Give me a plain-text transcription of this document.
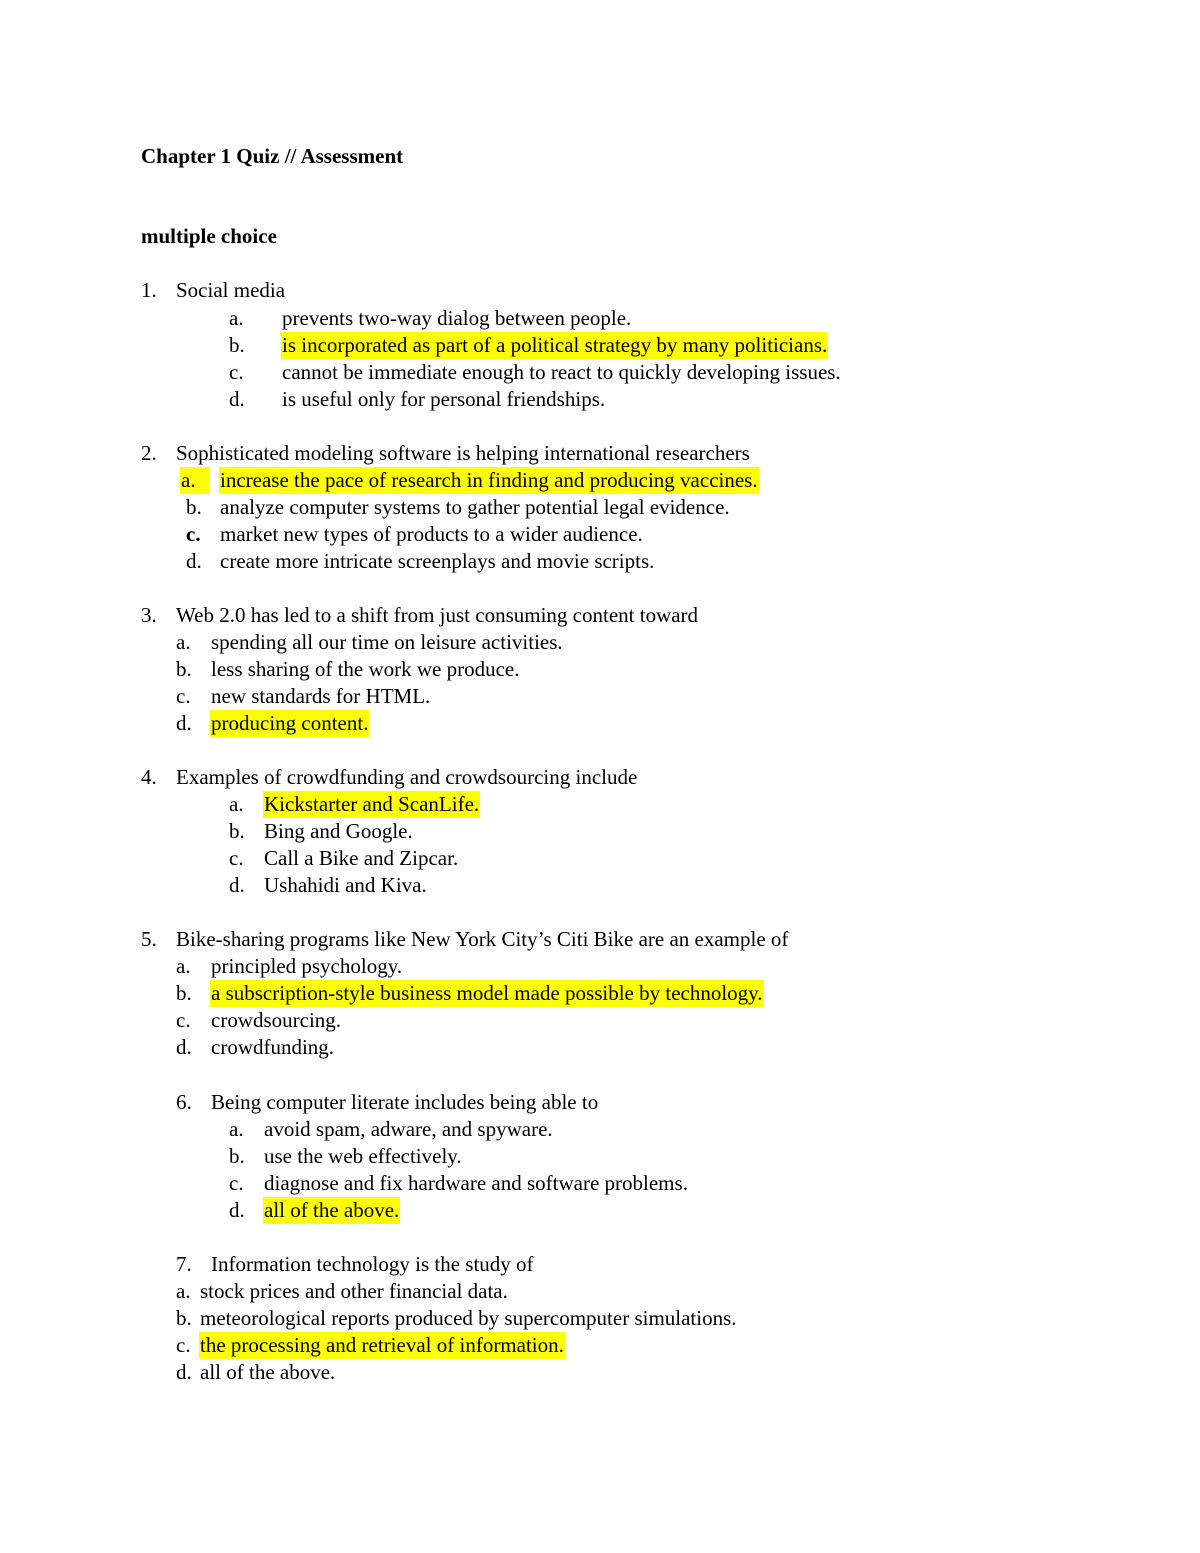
Chapter 1 Quiz // Assessment
multiple choice
1. Social media
a. prevents two-way dialog between people.
b. is incorporated as part of a political strategy by many politicians.
c. cannot be immediate enough to react to quickly developing issues.
d. is useful only for personal friendships.
2. Sophisticated modeling software is helping international researchers
a.	increase the pace of research in finding and producing vaccines.
b. analyze computer systems to gather potential legal evidence.
c. market new types of products to a wider audience.
d. create more intricate screenplays and movie scripts.
3. Web 2.0 has led to a shift from just consuming content toward
a. spending all our time on leisure activities.
b. less sharing of the work we produce.
c. new standards for HTML.
d. producing content.
4. Examples of crowdfunding and crowdsourcing include
a. Kickstarter and ScanLife.
b. Bing and Google.
c. Call a Bike and Zipcar.
d. Ushahidi and Kiva.
5. Bike-sharing programs like New York City’s Citi Bike are an example of
a. principled psychology.
b. a subscription-style business model made possible by technology.
c. crowdsourcing.
d. crowdfunding.
6. Being computer literate includes being able to
a. avoid spam, adware, and spyware.
b. use the web effectively.
c. diagnose and fix hardware and software problems.
d. all of the above.
7. Information technology is the study of
a. stock prices and other financial data.
b. meteorological reports produced by supercomputer simulations.
c. the processing and retrieval of information.
d. all of the above.
